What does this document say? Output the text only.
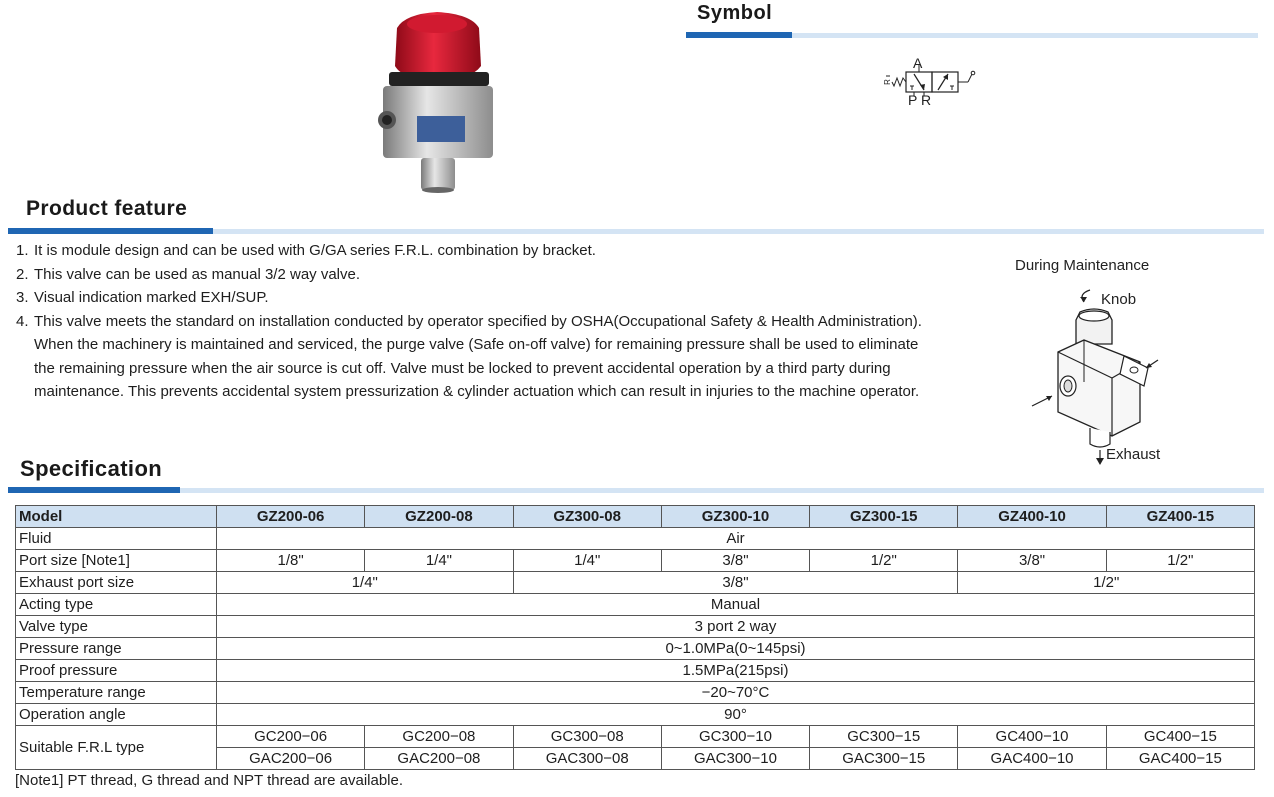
Symbol
A
P R
R
Product feature
1. It is module design and can be used with G/GA series F.R.L. combination by bracket.
2. This valve can be used as manual 3/2 way valve.
3. Visual indication marked EXH/SUP.
4. This valve meets the standard on installation conducted by operator specified by OSHA(Occupational Safety & Health Administration). When the machinery is maintained and serviced, the purge valve (Safe on-off valve) for remaining pressure shall be used to eliminate the remaining pressure when the air source is cut off. Valve must be locked to prevent accidental operation by a third party during maintenance. This prevents accidental system pressurization & cylinder actuation which can result in injuries to the machine operator.
During Maintenance
Knob
Exhaust
Specification
Model	GZ200-06	GZ200-08	GZ300-08	GZ300-10	GZ300-15	GZ400-10	GZ400-15
Fluid	Air						
Port size [Note1]	1/8"	1/4"	1/4"	3/8"	1/2"	3/8"	1/2"
Exhaust port size	1/4"		3/8"			1/2"	
Acting type	Manual						
Valve type	3 port 2 way						
Pressure range	0~1.0MPa(0~145psi)						
Proof pressure	1.5MPa(215psi)						
Temperature range	−20~70°C						
Operation angle	90°						
Suitable F.R.L type	GC200−06	GC200−08	GC300−08	GC300−10	GC300−15	GC400−10	GC400−15
	GAC200−06	GAC200−08	GAC300−08	GAC300−10	GAC300−15	GAC400−10	GAC400−15
[Note1] PT thread, G thread and NPT thread are available.
